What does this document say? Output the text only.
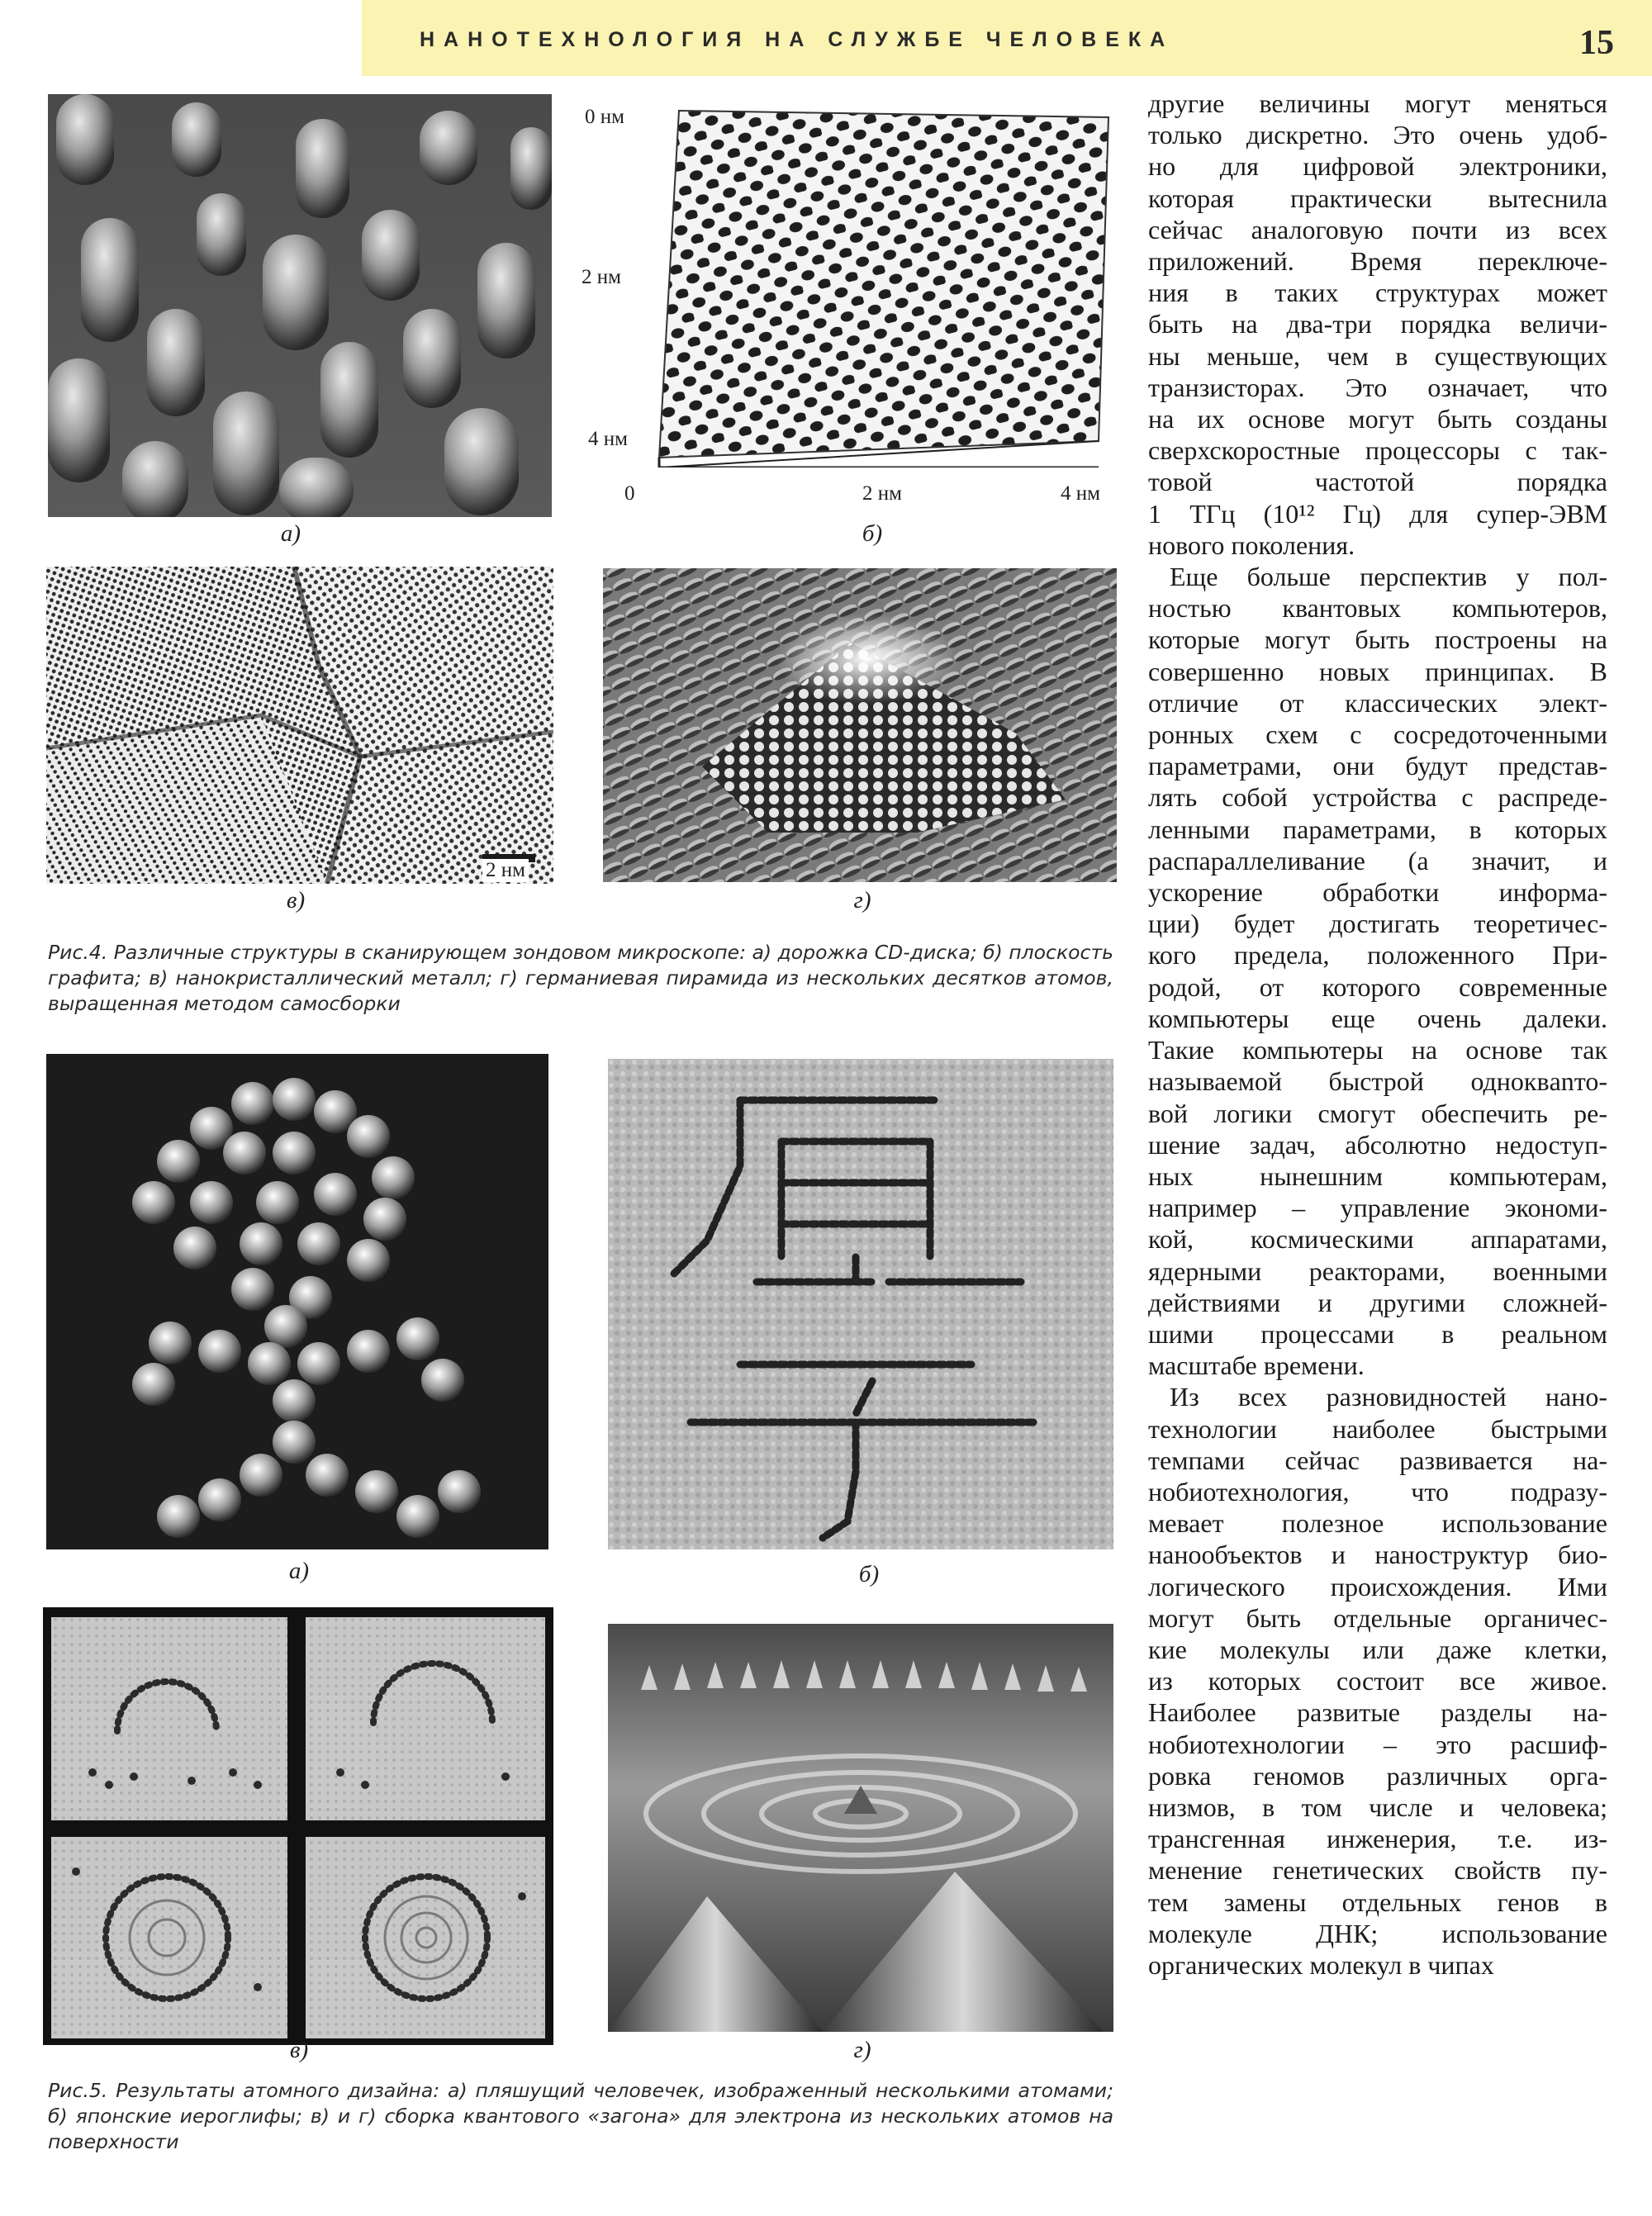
НАНОТЕХНОЛОГИЯ НА СЛУЖБЕ ЧЕЛОВЕКА	15
а)
0 нм
2 нм
4 нм
0	2 нм	4 нм
б)
2 нм
в)	г)
Рис.4. Различные структуры в сканирующем зондовом микроскопе: а) дорожка CD-диска; б) плоскость графита; в) нанокристаллический металл; г) германиевая пирамида из нескольких десятков атомов, выращенная методом самосборки
а)	б)
в)	г)
Рис.5. Результаты атомного дизайна: а) пляшущий человечек, изображенный несколькими атомами; б) японские иероглифы; в) и г) сборка квантового «загона» для электрона из нескольких атомов на поверхности
другие величины могут меняться
только дискретно. Это очень удоб-
но для цифровой электроники,
которая практически вытеснила
сейчас аналоговую почти из всех
приложений. Время переключе-
ния в таких структурах может
быть на два-три порядка величи-
ны меньше, чем в существующих
транзисторах. Это означает, что
на их основе могут быть созданы
сверхскоростные процессоры с так-
товой частотой порядка
1 ТГц (10¹² Гц) для супер-ЭВМ
нового поколения.
Еще больше перспектив у пол-
ностью квантовых компьютеров,
которые могут быть построены на
совершенно новых принципах. В
отличие от классических элект-
ронных схем с сосредоточенными
параметрами, они будут представ-
лять собой устройства с распреде-
ленными параметрами, в которых
распараллеливание (а значит, и
ускорение обработки информа-
ции) будет достигать теоретичес-
кого предела, положенного При-
родой, от которого современные
компьютеры еще очень далеки.
Такие компьютеры на основе так
называемой быстрой одноквanто-
вой логики смогут обеспечить ре-
шение задач, абсолютно недоступ-
ных нынешним компьютерам,
например – управление экономи-
кой, космическими аппаратами,
ядерными реакторами, военными
действиями и другими сложней-
шими процессами в реальном
масштабе времени.
Из всех разновидностей нано-
технологии наиболее быстрыми
темпами сейчас развивается на-
нобиотехнология, что подразу-
мевает полезное использование
нанообъектов и наноструктур био-
логического происхождения. Ими
могут быть отдельные органичес-
кие молекулы или даже клетки,
из которых состоит все живое.
Наиболее развитые разделы на-
нобиотехнологии – это расшиф-
ровка геномов различных орга-
низмов, в том числе и человека;
трансгенная инженерия, т.е. из-
менение генетических свойств пу-
тем замены отдельных генов в
молекуле ДНК; использование
органических молекул в чипах
